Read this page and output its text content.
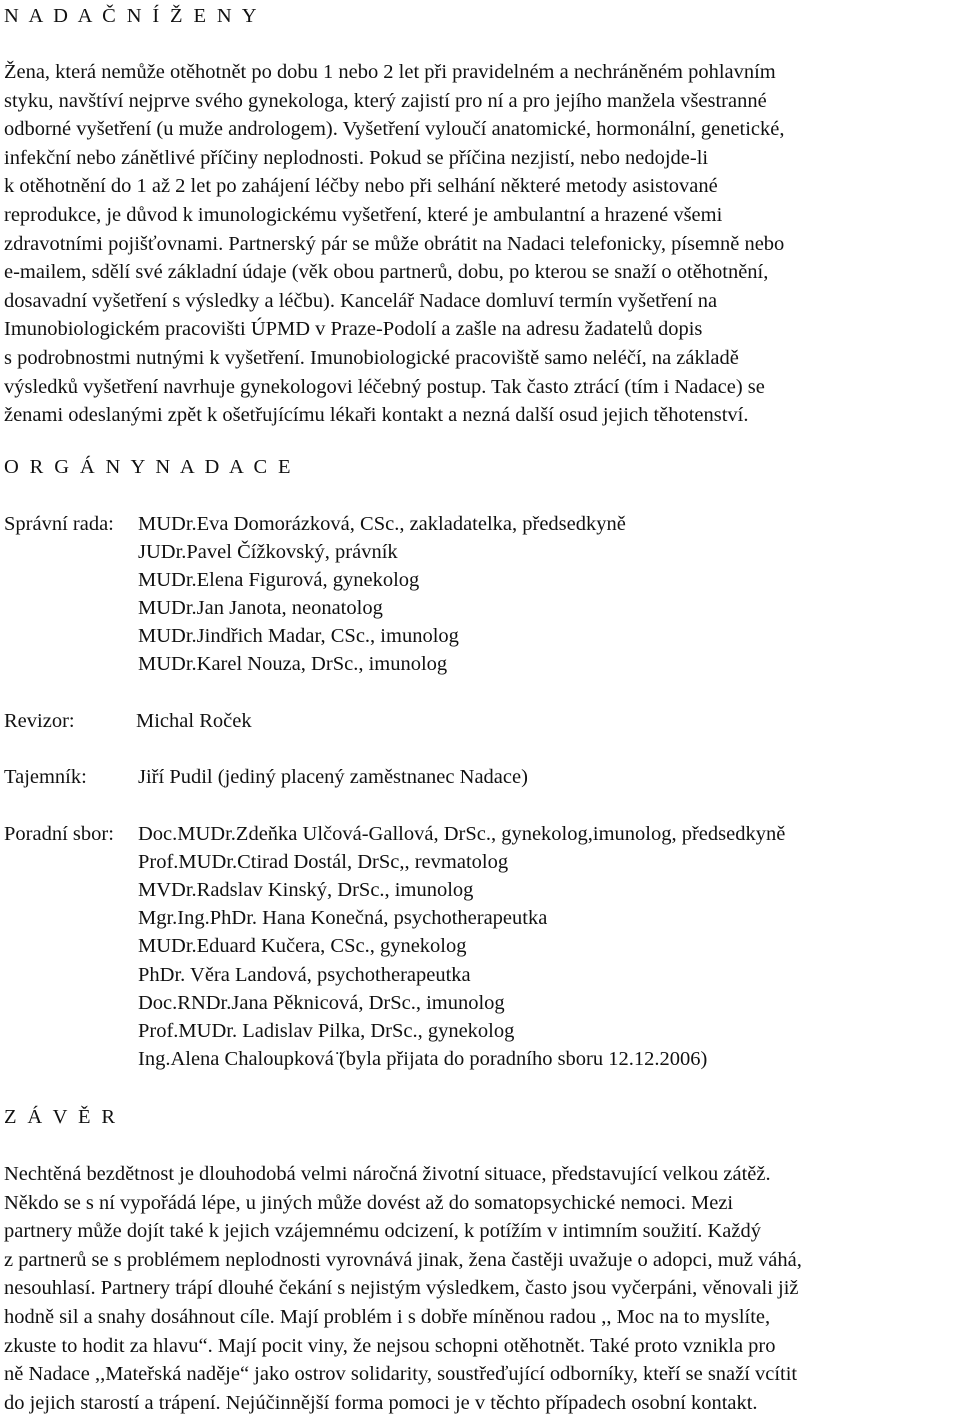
N A D A Č N Í Ž E N Y
Žena, která nemůže otěhotnět po dobu 1 nebo 2 let při pravidelném a nechráněném pohlavním
styku, navštíví nejprve svého gynekologa, který zajistí pro ní a pro jejího manžela všestranné
odborné vyšetření (u muže andrologem). Vyšetření vyloučí anatomické, hormonální, genetické,
infekční nebo zánětlivé příčiny neplodnosti. Pokud se příčina nezjistí, nebo nedojde-li
k otěhotnění do 1 až 2 let po zahájení léčby nebo při selhání některé metody asistované
reprodukce, je důvod k imunologickému vyšetření, které je ambulantní a hrazené všemi
zdravotními pojišťovnami. Partnerský pár se může obrátit na Nadaci telefonicky, písemně nebo
e-mailem, sdělí své základní údaje (věk obou partnerů, dobu, po kterou se snaží o otěhotnění,
dosavadní vyšetření s výsledky a léčbu). Kancelář Nadace domluví termín vyšetření na
Imunobiologickém pracovišti ÚPMD v Praze-Podolí a zašle na adresu žadatelů dopis
s podrobnostmi nutnými k vyšetření. Imunobiologické pracoviště samo neléčí, na základě
výsledků vyšetření navrhuje gynekologovi léčebný postup. Tak často ztrácí (tím i Nadace) se
ženami odeslanými zpět k ošetřujícímu lékaři kontakt a nezná další osud jejich těhotenství.
O R G Á N Y N A D A C E
Správní rada: MUDr.Eva Domorázková, CSc., zakladatelka, předsedkyně
JUDr.Pavel Čížkovský, právník
MUDr.Elena Figurová, gynekolog
MUDr.Jan Janota, neonatolog
MUDr.Jindřich Madar, CSc., imunolog
MUDr.Karel Nouza, DrSc., imunolog
Revizor:	Michal Roček
Tajemník: Jiří Pudil (jediný placený zaměstnanec Nadace)
Poradní sbor: Doc.MUDr.Zdeňka Ulčová-Gallová, DrSc., gynekolog,imunolog, předsedkyně
Prof.MUDr.Ctirad Dostál, DrSc,, revmatolog
MVDr.Radslav Kinský, DrSc., imunolog
Mgr.Ing.PhDr. Hana Konečná, psychotherapeutka
MUDr.Eduard Kučera, CSc., gynekolog
PhDr. Věra Landová, psychotherapeutka
Doc.RNDr.Jana Pěknicová, DrSc., imunolog
Prof.MUDr. Ladislav Pilka, DrSc., gynekolog
Ing.Alena Chaloupková ̈(byla přijata do poradního sboru 12.12.2006)
Z Á V Ě R
Nechtěná bezdětnost je dlouhodobá velmi náročná životní situace, představující velkou zátěž.
Někdo se s ní vypořádá lépe, u jiných může dovést až do somatopsychické nemoci. Mezi
partnery může dojít také k jejich vzájemnému odcizení, k potížím v intimním soužití. Každý
z partnerů se s problémem neplodnosti vyrovnává jinak, žena častěji uvažuje o adopci, muž váhá,
nesouhlasí. Partnery trápí dlouhé čekání s nejistým výsledkem, často jsou vyčerpáni, věnovali již
hodně sil a snahy dosáhnout cíle. Mají problém i s dobře míněnou radou ,, Moc na to myslíte,
zkuste to hodit za hlavu“. Mají pocit viny, že nejsou schopni otěhotnět. Také proto vznikla pro
ně Nadace ,,Mateřská naděje“ jako ostrov solidarity, soustřeďující odborníky, kteří se snaží vcítit
do jejich starostí a trápení. Nejúčinnější forma pomoci je v těchto případech osobní kontakt.
